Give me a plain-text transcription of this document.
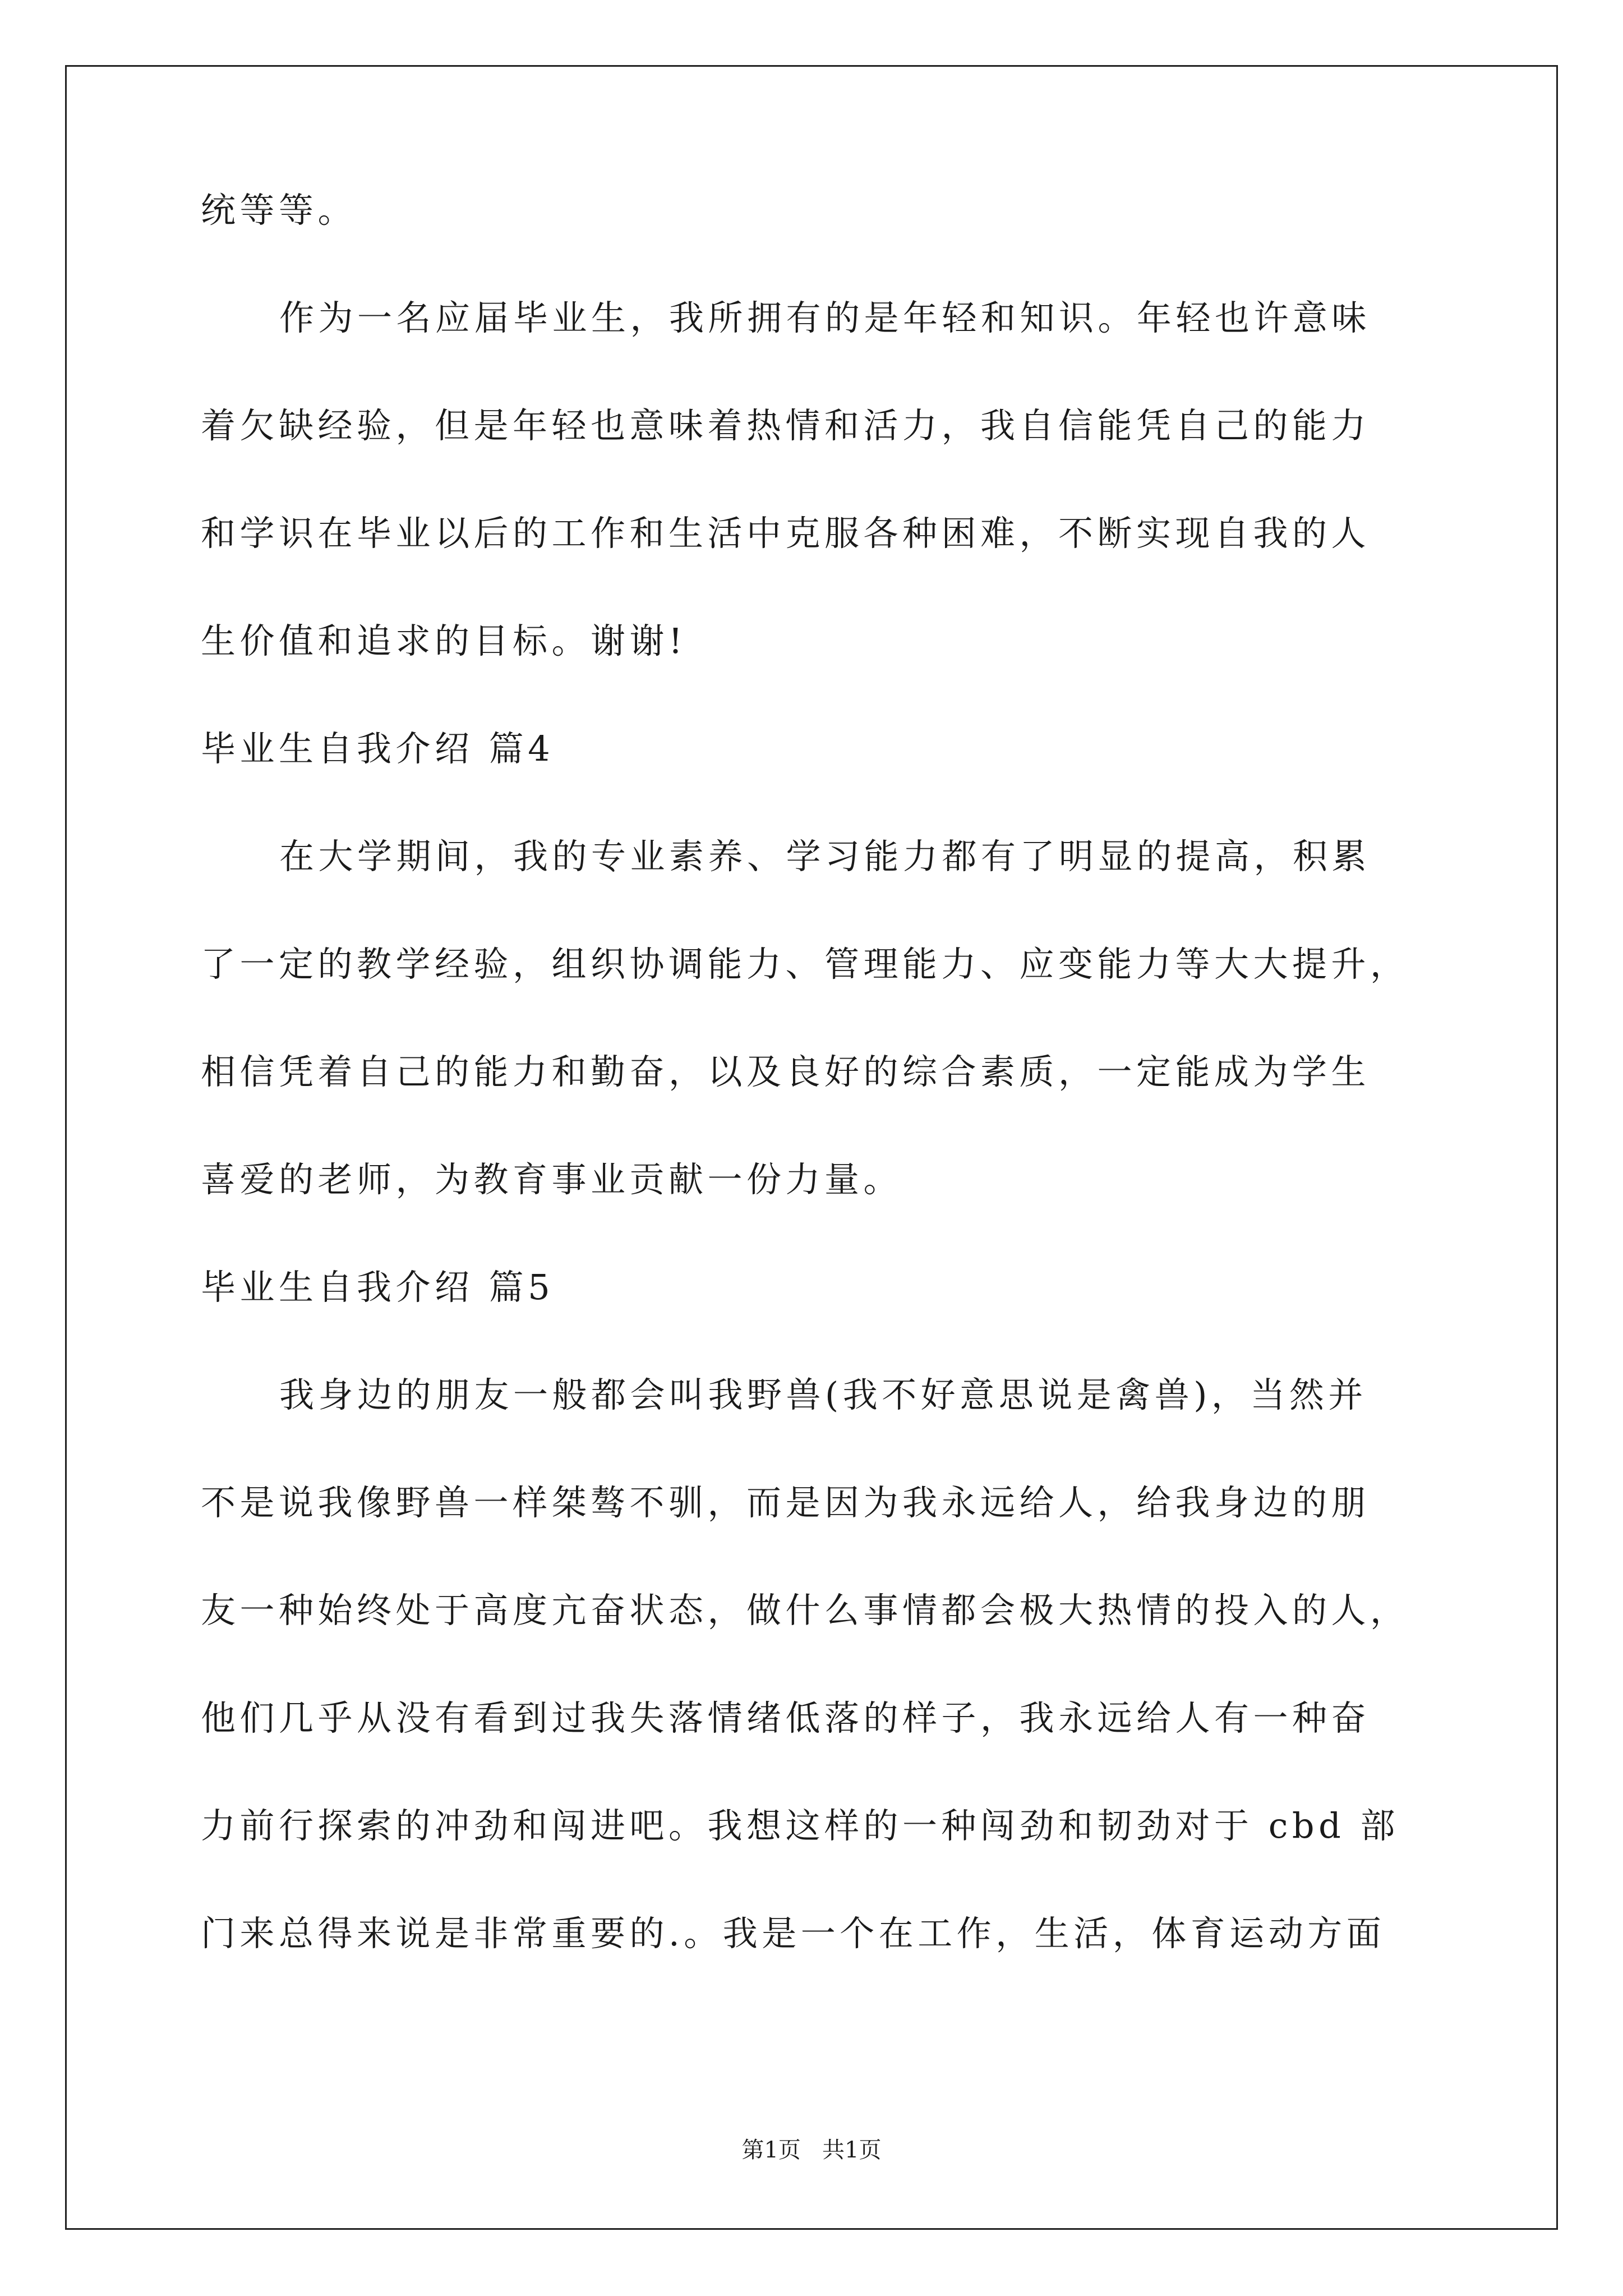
统等等。
作为一名应届毕业生，我所拥有的是年轻和知识。年轻也许意味
着欠缺经验，但是年轻也意味着热情和活力，我自信能凭自己的能力
和学识在毕业以后的工作和生活中克服各种困难，不断实现自我的人
生价值和追求的目标。谢谢!
毕业生自我介绍 篇4
在大学期间，我的专业素养、学习能力都有了明显的提高，积累
了一定的教学经验，组织协调能力、管理能力、应变能力等大大提升，
相信凭着自己的能力和勤奋，以及良好的综合素质，一定能成为学生
喜爱的老师，为教育事业贡献一份力量。
毕业生自我介绍 篇5
我身边的朋友一般都会叫我野兽(我不好意思说是禽兽)，当然并
不是说我像野兽一样桀骜不驯，而是因为我永远给人，给我身边的朋
友一种始终处于高度亢奋状态，做什么事情都会极大热情的投入的人，
他们几乎从没有看到过我失落情绪低落的样子，我永远给人有一种奋
力前行探索的冲劲和闯进吧。我想这样的一种闯劲和韧劲对于 cbd 部
门来总得来说是非常重要的.。我是一个在工作，生活，体育运动方面
第1页   共1页
